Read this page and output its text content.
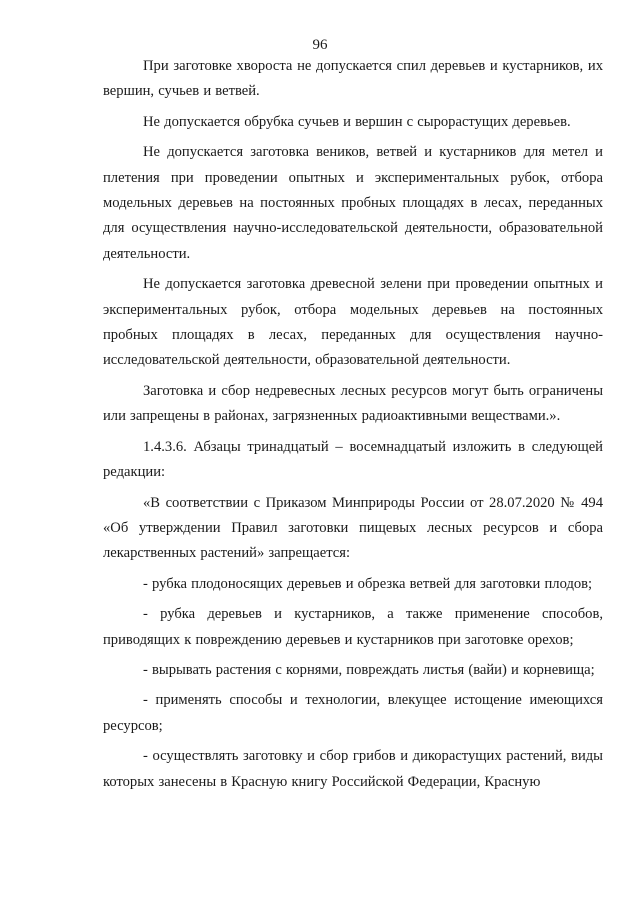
96

При заготовке хвороста не допускается спил деревьев и кустарников, их вершин, сучьев и ветвей.

Не допускается обрубка сучьев и вершин с сырорастущих деревьев.

Не допускается заготовка веников, ветвей и кустарников для метел и плетения при проведении опытных и экспериментальных рубок, отбора модельных деревьев на постоянных пробных площадях в лесах, переданных для осуществления научно-исследовательской деятельности, образовательной деятельности.

Не допускается заготовка древесной зелени при проведении опытных и экспериментальных рубок, отбора модельных деревьев на постоянных пробных площадях в лесах, переданных для осуществления научно-исследовательской деятельности, образовательной деятельности.

Заготовка и сбор недревесных лесных ресурсов могут быть ограничены или запрещены в районах, загрязненных радиоактивными веществами.».

1.4.3.6. Абзацы тринадцатый – восемнадцатый изложить в следующей редакции:

«В соответствии с Приказом Минприроды России от 28.07.2020 № 494 «Об утверждении Правил заготовки пищевых лесных ресурсов и сбора лекарственных растений» запрещается:

- рубка плодоносящих деревьев и обрезка ветвей для заготовки плодов;

- рубка деревьев и кустарников, а также применение способов, приводящих к повреждению деревьев и кустарников при заготовке орехов;

- вырывать растения с корнями, повреждать листья (вайи) и корневища;

- применять способы и технологии, влекущее истощение имеющихся ресурсов;

- осуществлять заготовку и сбор грибов и дикорастущих растений, виды которых занесены в Красную книгу Российской Федерации, Красную
